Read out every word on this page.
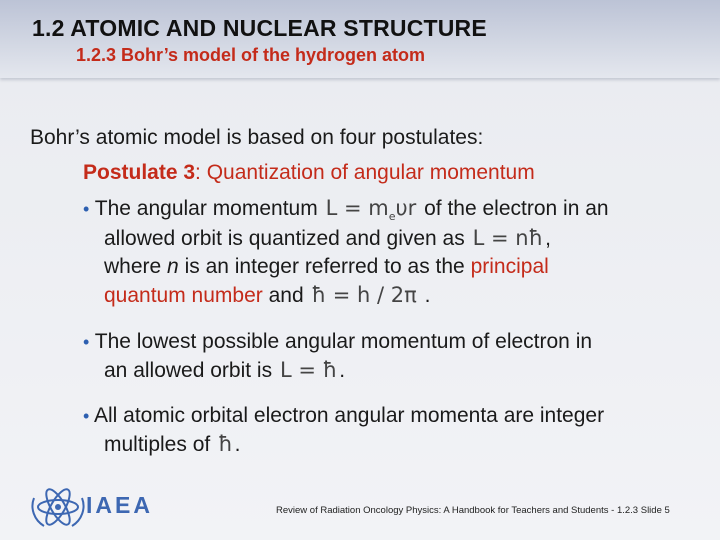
1.2 ATOMIC AND NUCLEAR STRUCTURE
1.2.3 Bohr’s model of the hydrogen atom
Bohr’s atomic model is based on four postulates:
Postulate 3: Quantization of angular momentum
• The angular momentum $L = m_e\upsilon r$ of the electron in an
allowed orbit is quantized and given as L = nħ,
where n is an integer referred to as the principal
quantum number and ħ = h / 2π .
• The lowest possible angular momentum of electron in
an allowed orbit is L = ħ.
• All atomic orbital electron angular momenta are integer
multiples of ħ.
IAEA	Review of Radiation Oncology Physics: A Handbook for Teachers and Students - 1.2.3 Slide 5
